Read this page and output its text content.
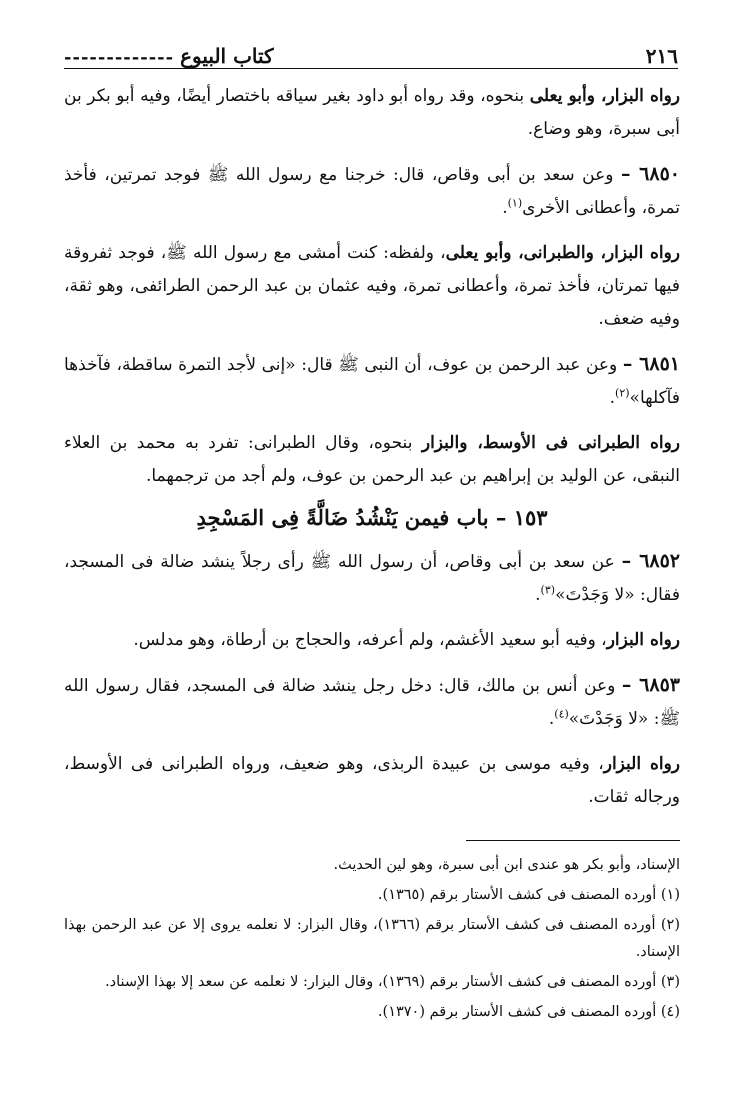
٢١٦
كتاب البيوع
-------------

رواه البزار، وأبو يعلى بنحوه، وقد رواه أبو داود بغير سياقه باختصار أيضًا، وفيه أبو بكر بن أبى سبرة، وهو وضاع.

٦٨٥٠ – وعن سعد بن أبى وقاص، قال: خرجنا مع رسول الله ﷺ فوجد تمرتين، فأخذ تمرة، وأعطانى الأخرى$^{(١)}$.

رواه البزار، والطبرانى، وأبو يعلى، ولفظه: كنت أمشى مع رسول الله ﷺ، فوجد ثفروقة فيها تمرتان، فأخذ تمرة، وأعطانى تمرة، وفيه عثمان بن عبد الرحمن الطرائفى، وهو ثقة، وفيه ضعف.

٦٨٥١ – وعن عبد الرحمن بن عوف، أن النبى ﷺ قال: «إنى لأجد التمرة ساقطة، فآخذها فآكلها»$^{(٢)}$.

رواه الطبرانى فى الأوسط، والبزار بنحوه، وقال الطبرانى: تفرد به محمد بن العلاء النبقى، عن الوليد بن إبراهيم بن عبد الرحمن بن عوف، ولم أجد من ترجمهما.

١٥٣ – باب فيمن يَنْشُدُ ضَالَّةً فِى المَسْجِدِ

٦٨٥٢ – عن سعد بن أبى وقاص، أن رسول الله ﷺ رأى رجلاً ينشد ضالة فى المسجد، فقال: «لا وَجَدْتَ»$^{(٣)}$.

رواه البزار، وفيه أبو سعيد الأغشم، ولم أعرفه، والحجاج بن أرطاة، وهو مدلس.

٦٨٥٣ – وعن أنس بن مالك، قال: دخل رجل ينشد ضالة فى المسجد، فقال رسول الله ﷺ: «لا وَجَدْتَ»$^{(٤)}$.

رواه البزار، وفيه موسى بن عبيدة الربذى، وهو ضعيف، ورواه الطبرانى فى الأوسط، ورجاله ثقات.

الإسناد، وأبو بكر هو عندى ابن أبى سبرة، وهو لين الحديث.

(١) أورده المصنف فى كشف الأستار برقم (١٣٦٥).

(٢) أورده المصنف فى كشف الأستار برقم (١٣٦٦)، وقال البزار: لا نعلمه يروى إلا عن عبد الرحمن بهذا الإسناد.

(٣) أورده المصنف فى كشف الأستار برقم (١٣٦٩)، وقال البزار: لا نعلمه عن سعد إلا بهذا الإسناد.

(٤) أورده المصنف فى كشف الأستار برقم (١٣٧٠).
